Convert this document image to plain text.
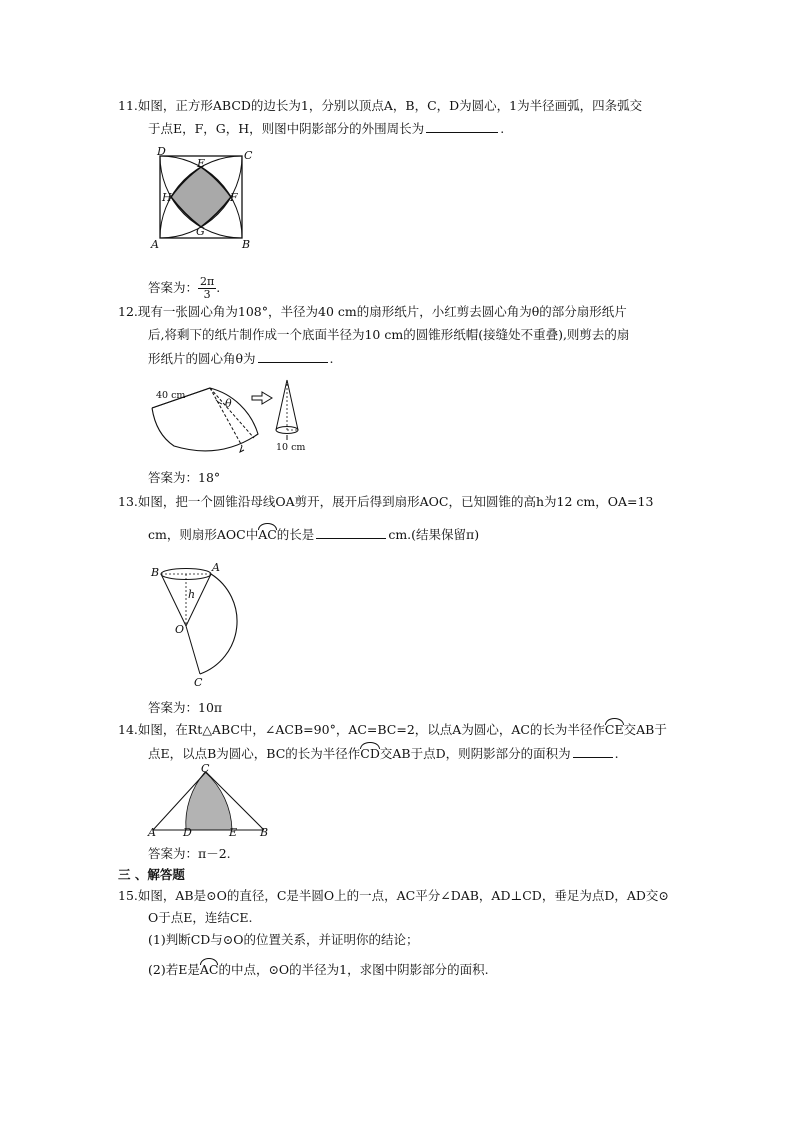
11.如图，正方形ABCD的边长为1，分别以顶点A，B，C，D为圆心，1为半径画弧，四条弧交
于点E，F，G，H，则图中阴影部分的外围周长为	.
D	C
E
H	F
G
A	B
答案为： $\frac{2\pi}{3}$ .
12.现有一张圆心角为108°，半径为40 cm的扇形纸片，小红剪去圆心角为θ的部分扇形纸片
后,将剩下的纸片制作成一个底面半径为10 cm的圆锥形纸帽(接缝处不重叠),则剪去的扇
形纸片的圆心角θ为	.
40 cm
θ
10 cm
答案为：18°
13.如图，把一个圆锥沿母线OA剪开，展开后得到扇形AOC，已知圆锥的高h为12 cm，OA=13
cm，则扇形AOC中AC的长是	cm.(结果保留π)
B	A
h
O
C
答案为：10π
14.如图，在Rt△ABC中，∠ACB=90°，AC=BC=2，以点A为圆心，AC的长为半径作CE交AB于
点E，以点B为圆心，BC的长为半径作CD交AB于点D，则阴影部分的面积为	.
C
A D	E B
答案为：π－2.
三 、解答题
15.如图，AB是⊙O的直径，C是半圆O上的一点，AC平分∠DAB，AD⊥CD，垂足为点D，AD交⊙
O于点E，连结CE.
(1)判断CD与⊙O的位置关系，并证明你的结论；
(2)若E是AC的中点，⊙O的半径为1，求图中阴影部分的面积.
